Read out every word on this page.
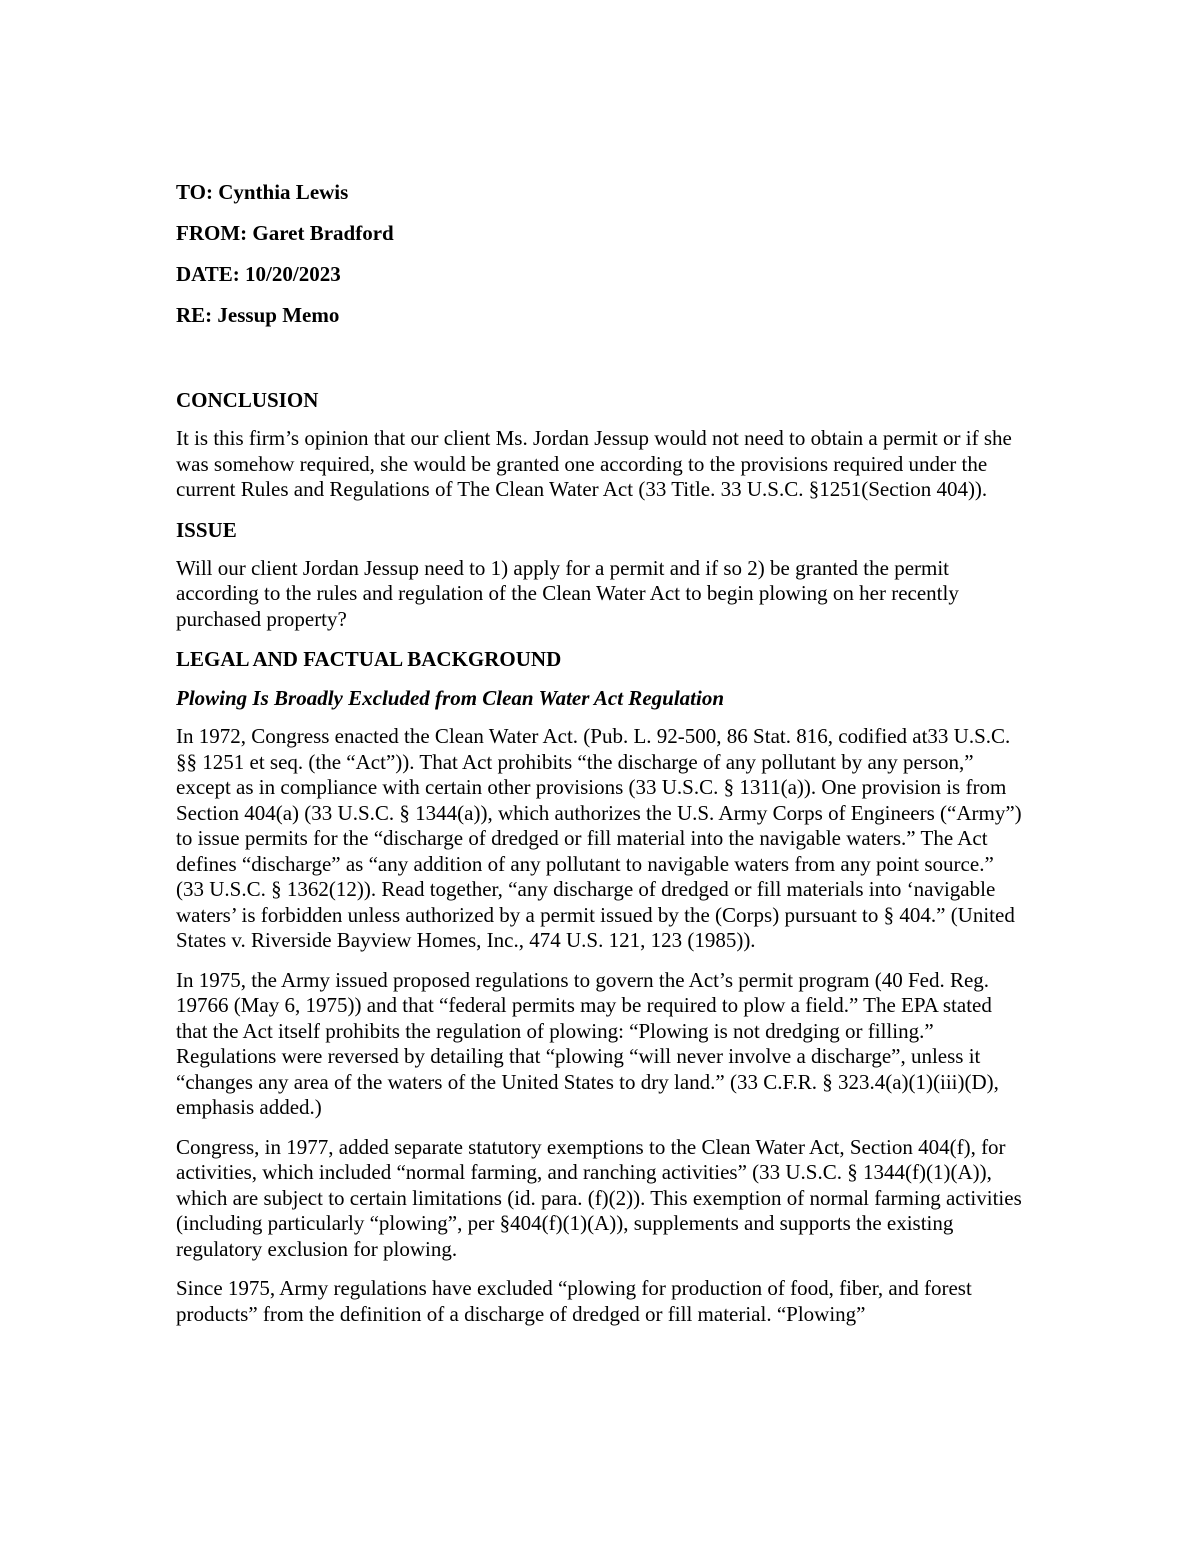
TO: Cynthia Lewis
FROM: Garet Bradford
DATE: 10/20/2023
RE: Jessup Memo
CONCLUSION

It is this firm’s opinion that our client Ms. Jordan Jessup would not need to obtain a permit or if she was somehow required, she would be granted one according to the provisions required under the current Rules and Regulations of The Clean Water Act (33 Title. 33 U.S.C. §1251(Section 404)).

ISSUE

Will our client Jordan Jessup need to 1) apply for a permit and if so 2) be granted the permit according to the rules and regulation of the Clean Water Act to begin plowing on her recently purchased property?

LEGAL AND FACTUAL BACKGROUND
Plowing Is Broadly Excluded from Clean Water Act Regulation

In 1972, Congress enacted the Clean Water Act. (Pub. L. 92-500, 86 Stat. 816, codified at33 U.S.C. §§ 1251 et seq. (the “Act”)). That Act prohibits “the discharge of any pollutant by any person,” except as in compliance with certain other provisions (33 U.S.C. § 1311(a)). One provision is from Section 404(a) (33 U.S.C. § 1344(a)), which authorizes the U.S. Army Corps of Engineers (“Army”) to issue permits for the “discharge of dredged or fill material into the navigable waters.” The Act defines “discharge” as “any addition of any pollutant to navigable waters from any point source.” (33 U.S.C. § 1362(12)). Read together, “any discharge of dredged or fill materials into ‘navigable waters’ is forbidden unless authorized by a permit issued by the (Corps) pursuant to § 404.” (United States v. Riverside Bayview Homes, Inc., 474 U.S. 121, 123 (1985)).

In 1975, the Army issued proposed regulations to govern the Act’s permit program (40 Fed. Reg. 19766 (May 6, 1975)) and that “federal permits may be required to plow a field.” The EPA stated that the Act itself prohibits the regulation of plowing: “Plowing is not dredging or filling.” Regulations were reversed by detailing that “plowing “will never involve a discharge”, unless it “changes any area of the waters of the United States to dry land.” (33 C.F.R. § 323.4(a)(1)(iii)(D), emphasis added.)

Congress, in 1977, added separate statutory exemptions to the Clean Water Act, Section 404(f), for activities, which included “normal farming, and ranching activities” (33 U.S.C. § 1344(f)(1)(A)), which are subject to certain limitations (id. para. (f)(2)). This exemption of normal farming activities (including particularly “plowing”, per §404(f)(1)(A)), supplements and supports the existing regulatory exclusion for plowing.

Since 1975, Army regulations have excluded “plowing for production of food, fiber, and forest products” from the definition of a discharge of dredged or fill material. “Plowing”
